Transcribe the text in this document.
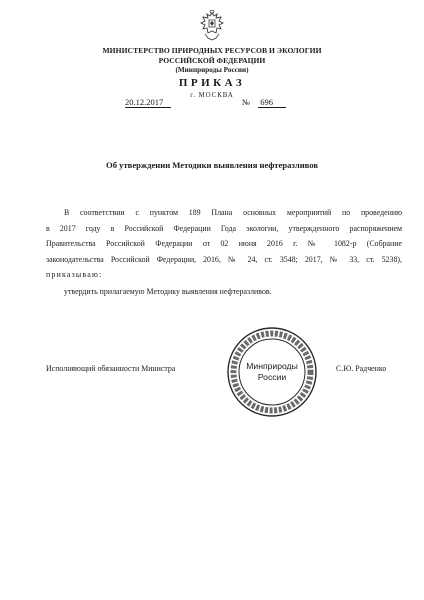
МИНИСТЕРСТВО ПРИРОДНЫХ РЕСУРСОВ И ЭКОЛОГИИ
РОССИЙСКОЙ ФЕДЕРАЦИИ
(Минприроды России)
ПРИКАЗ
г. МОСКВА
20.12.2017	№ 696
Об утверждении Методики выявления нефтеразливов
В соответствии с пунктом 189 Плана основных мероприятий по проведению
в 2017 году в Российской Федерации Года экологии, утвержденного распоряжением
Правительства Российской Федерации от 02 июня 2016 г. № 1082-р (Собрание
законодательства Российской Федерации, 2016, № 24, ст. 3548; 2017, № 33, ст. 5238),
приказываю:
утвердить прилагаемую Методику выявления нефтеразливов.
Исполняющий обязанности Министра	Минприроды
России
С.Ю. Радченко
